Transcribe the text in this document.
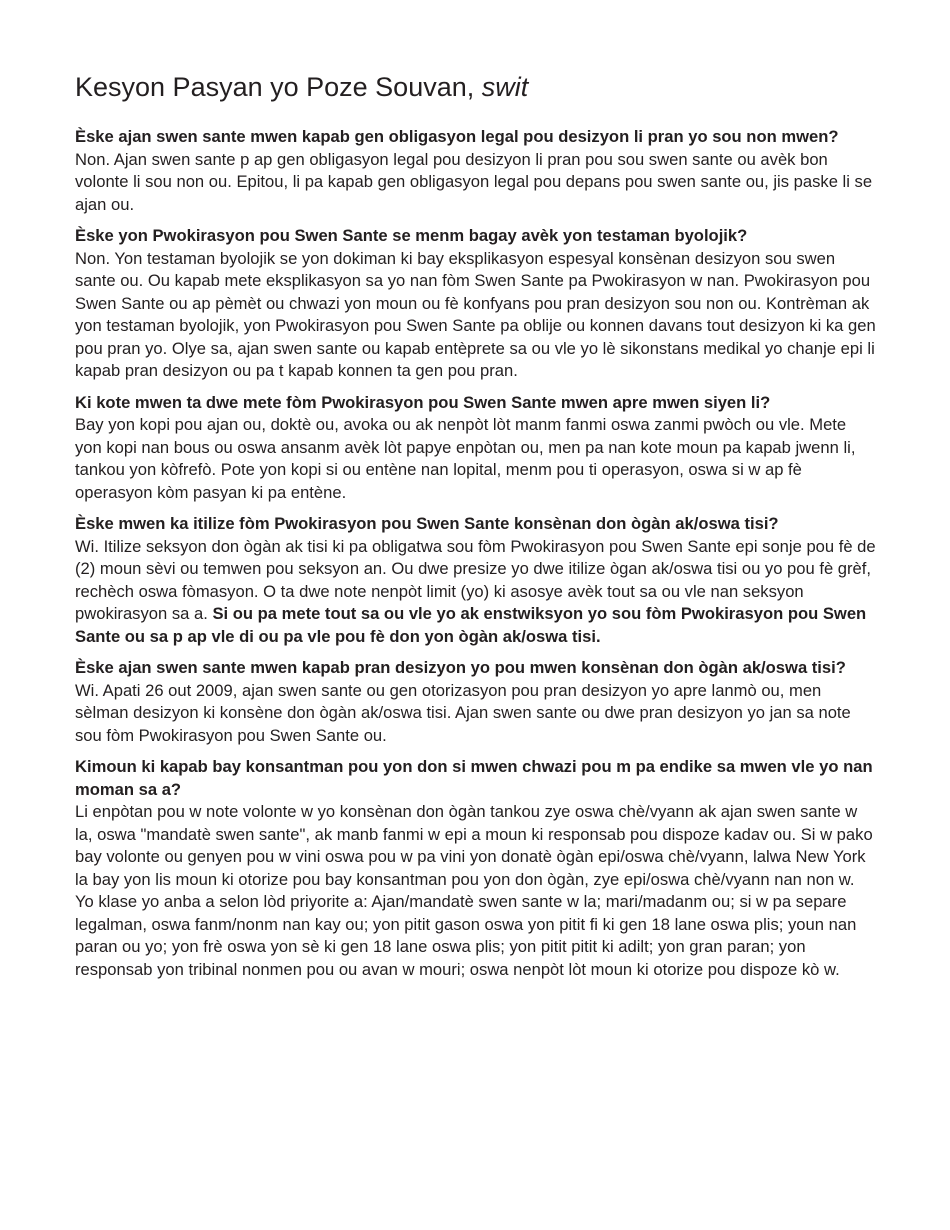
Kesyon Pasyan yo Poze Souvan, swit
Èske ajan swen sante mwen kapab gen obligasyon legal pou desizyon li pran yo sou non mwen?
Non. Ajan swen sante p ap gen obligasyon legal pou desizyon li pran pou sou swen sante ou avèk bon volonte li sou non ou. Epitou, li pa kapab gen obligasyon legal pou depans pou swen sante ou, jis paske li se ajan ou.
Èske yon Pwokirasyon pou Swen Sante se menm bagay avèk yon testaman byolojik?
Non. Yon testaman byolojik se yon dokiman ki bay eksplikasyon espesyal konsènan desizyon sou swen sante ou. Ou kapab mete eksplikasyon sa yo nan fòm Swen Sante pa Pwokirasyon w nan. Pwokirasyon pou Swen Sante ou ap pèmèt ou chwazi yon moun ou fè konfyans pou pran desizyon sou non ou. Kontrèman ak yon testaman byolojik, yon Pwokirasyon pou Swen Sante pa oblije ou konnen davans tout desizyon ki ka gen pou pran yo. Olye sa, ajan swen sante ou kapab entèprete sa ou vle yo lè sikonstans medikal yo chanje epi li kapab pran desizyon ou pa t kapab konnen ta gen pou pran.
Ki kote mwen ta dwe mete fòm Pwokirasyon pou Swen Sante mwen apre mwen siyen li?
Bay yon kopi pou ajan ou, doktè ou, avoka ou ak nenpòt lòt manm fanmi oswa zanmi pwòch ou vle. Mete yon kopi nan bous ou oswa ansanm avèk lòt papye enpòtan ou, men pa nan kote moun pa kapab jwenn li, tankou yon kòfrefò. Pote yon kopi si ou entène nan lopital, menm pou ti operasyon, oswa si w ap fè operasyon kòm pasyan ki pa entène.
Èske mwen ka itilize fòm Pwokirasyon pou Swen Sante konsènan don ògàn ak/oswa tisi?
Wi. Itilize seksyon don ògàn ak tisi ki pa obligatwa sou fòm Pwokirasyon pou Swen Sante epi sonje pou fè de (2) moun sèvi ou temwen pou seksyon an. Ou dwe presize yo dwe itilize ògan ak/oswa tisi ou yo pou fè grèf, rechèch oswa fòmasyon. O ta dwe note nenpòt limit (yo) ki asosye avèk tout sa ou vle nan seksyon pwokirasyon sa a. Si ou pa mete tout sa ou vle yo ak enstwiksyon yo sou fòm Pwokirasyon pou Swen Sante ou sa p ap vle di ou pa vle pou fè don yon ògàn ak/oswa tisi.
Èske ajan swen sante mwen kapab pran desizyon yo pou mwen konsènan don ògàn ak/oswa tisi?
Wi. Apati 26 out 2009, ajan swen sante ou gen otorizasyon pou pran desizyon yo apre lanmò ou, men sèlman desizyon ki konsène don ògàn ak/oswa tisi. Ajan swen sante ou dwe pran desizyon yo jan sa note sou fòm Pwokirasyon pou Swen Sante ou.
Kimoun ki kapab bay konsantman pou yon don si mwen chwazi pou m pa endike sa mwen vle yo nan moman sa a?
Li enpòtan pou w note volonte w yo konsènan don ògàn tankou zye oswa chè/vyann ak ajan swen sante w la, oswa "mandatè swen sante", ak manb fanmi w epi a moun ki responsab pou dispoze kadav ou. Si w pako bay volonte ou genyen pou w vini oswa pou w pa vini yon donatè ògàn epi/oswa chè/vyann, lalwa New York la bay yon lis moun ki otorize pou bay konsantman pou yon don ògàn, zye epi/oswa chè/vyann nan non w. Yo klase yo anba a selon lòd priyorite a: Ajan/mandatè swen sante w la; mari/madanm ou; si w pa separe legalman, oswa fanm/nonm nan kay ou; yon pitit gason oswa yon pitit fi ki gen 18 lane oswa plis; youn nan paran ou yo; yon frè oswa yon sè ki gen 18 lane oswa plis; yon pitit pitit ki adilt; yon gran paran; yon responsab yon tribinal nonmen pou ou avan w mouri; oswa nenpòt lòt moun ki otorize pou dispoze kò w.
